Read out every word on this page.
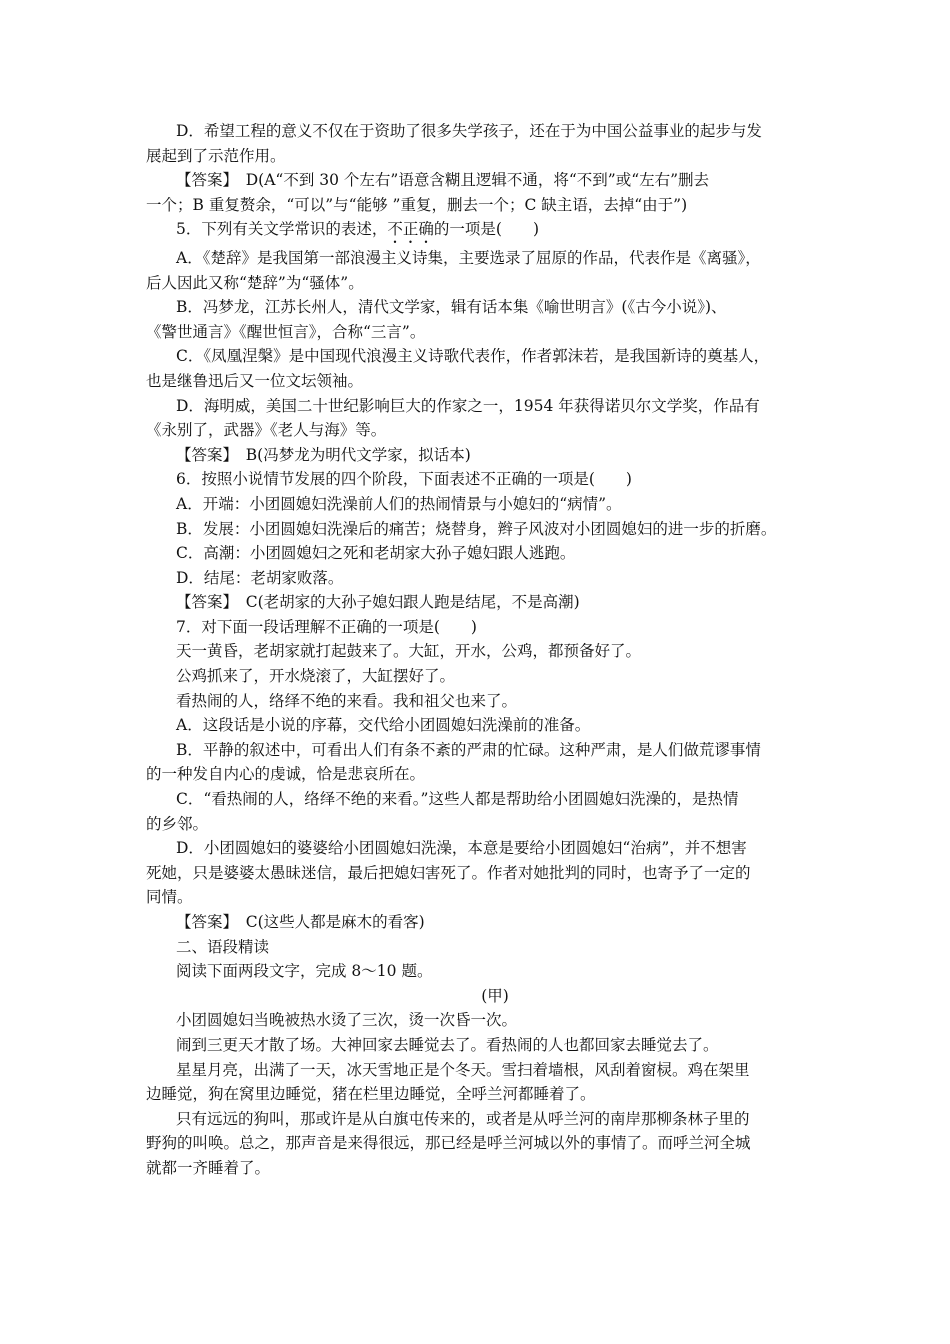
D．希望工程的意义不仅在于资助了很多失学孩子，还在于为中国公益事业的起步与发
展起到了示范作用。
【答案】　D(A“不到 30 个左右”语意含糊且逻辑不通，将“不到”或“左右”删去
一个；B 重复赘余，“可以”与“能够 ”重复，删去一个；C 缺主语，去掉“由于”)
5．下列有关文学常识的表述，不正确的一项是(　　)
A．《楚辞》是我国第一部浪漫主义诗集，主要选录了屈原的作品，代表作是《离骚》，
后人因此又称“楚辞”为“骚体”。
B．冯梦龙，江苏长州人，清代文学家，辑有话本集《喻世明言》(《古今小说》)、
《警世通言》《醒世恒言》，合称“三言”。
C．《凤凰涅槃》是中国现代浪漫主义诗歌代表作，作者郭沫若，是我国新诗的奠基人，
也是继鲁迅后又一位文坛领袖。
D．海明威，美国二十世纪影响巨大的作家之一，1954 年获得诺贝尔文学奖，作品有
《永别了，武器》《老人与海》等。
【答案】　B(冯梦龙为明代文学家，拟话本)
6．按照小说情节发展的四个阶段，下面表述不正确的一项是(　　)
A．开端：小团圆媳妇洗澡前人们的热闹情景与小媳妇的“病情”。
B．发展：小团圆媳妇洗澡后的痛苦；烧替身，辫子风波对小团圆媳妇的进一步的折磨。
C．高潮：小团圆媳妇之死和老胡家大孙子媳妇跟人逃跑。
D．结尾：老胡家败落。
【答案】　C(老胡家的大孙子媳妇跟人跑是结尾，不是高潮)
7．对下面一段话理解不正确的一项是(　　)
天一黄昏，老胡家就打起鼓来了。大缸，开水，公鸡，都预备好了。
公鸡抓来了，开水烧滚了，大缸摆好了。
看热闹的人，络绎不绝的来看。我和祖父也来了。
A．这段话是小说的序幕，交代给小团圆媳妇洗澡前的准备。
B．平静的叙述中，可看出人们有条不紊的严肃的忙碌。这种严肃，是人们做荒谬事情
的一种发自内心的虔诚，恰是悲哀所在。
C．“看热闹的人，络绎不绝的来看。”这些人都是帮助给小团圆媳妇洗澡的，是热情
的乡邻。
D．小团圆媳妇的婆婆给小团圆媳妇洗澡，本意是要给小团圆媳妇“治病”，并不想害
死她，只是婆婆太愚昧迷信，最后把媳妇害死了。作者对她批判的同时，也寄予了一定的
同情。
【答案】　C(这些人都是麻木的看客)
二、语段精读
阅读下面两段文字，完成 8～10 题。
(甲)
小团圆媳妇当晚被热水烫了三次，烫一次昏一次。
闹到三更天才散了场。大神回家去睡觉去了。看热闹的人也都回家去睡觉去了。
星星月亮，出满了一天，冰天雪地正是个冬天。雪扫着墙根，风刮着窗棂。鸡在架里
边睡觉，狗在窝里边睡觉，猪在栏里边睡觉，全呼兰河都睡着了。
只有远远的狗叫，那或许是从白旗屯传来的，或者是从呼兰河的南岸那柳条林子里的
野狗的叫唤。总之，那声音是来得很远，那已经是呼兰河城以外的事情了。而呼兰河全城
就都一齐睡着了。
